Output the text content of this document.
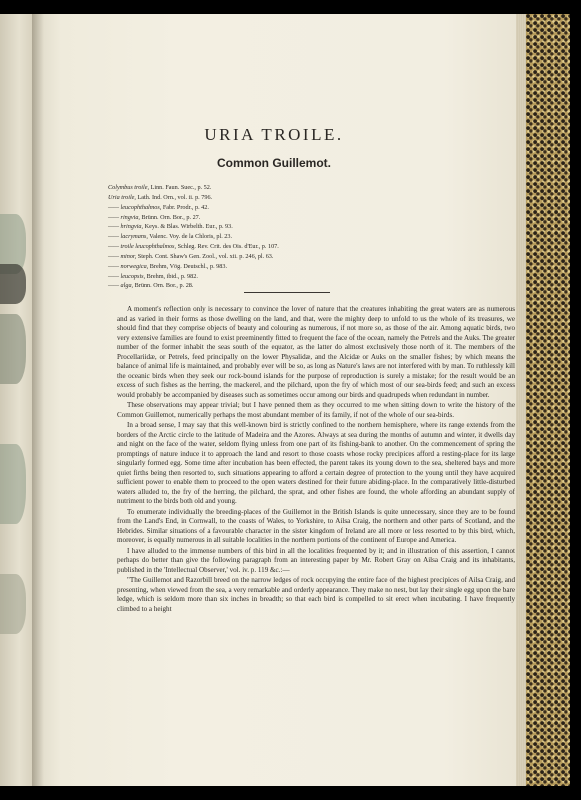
URIA TROILE.
Common Guillemot.
Colymbus troile, Linn. Faun. Suec., p. 52.
Uria troile, Lath. Ind. Orn., vol. ii. p. 796.
—— leucophthalmos, Fabr. Prodr., p. 42.
—— ringvia, Brünn. Orn. Bor., p. 27.
—— hringvia, Keys. & Blas. Wirbelth. Eur., p. 93.
—— lacrymans, Valenc. Voy. de la Chloris, pl. 23.
—— troile leucophthalmos, Schleg. Rev. Crit. des Ois. d'Eur., p. 107.
—— minor, Steph. Cont. Shaw's Gen. Zool., vol. xii. p. 246, pl. 63.
—— norwegica, Brehm, Vög. Deutschl., p. 983.
—— leucopsis, Brehm, ibid., p. 982.
—— alga, Brünn. Orn. Bor., p. 28.

A moment's reflection only is necessary to convince the lover of nature that the creatures inhabiting the great waters are as numerous and as varied in their forms as those dwelling on the land, and that, were the mighty deep to unfold to us the whole of its treasures, we should find that they comprise objects of beauty and colouring as numerous, if not more so, as those of the air. Among aquatic birds, two very extensive families are found to exist preeminently fitted to frequent the face of the ocean, namely the Petrels and the Auks. The greater number of the former inhabit the seas south of the equator, as the latter do almost exclusively those north of it. The members of the Procellariidæ, or Petrels, feed principally on the lower Physalidæ, and the Alcidæ or Auks on the smaller fishes; by which means the balance of animal life is maintained, and probably ever will be so, as long as Nature's laws are not interfered with by man. To ruthlessly kill the oceanic birds when they seek our rock-bound islands for the purpose of reproduction is surely a mistake; for the result would be an excess of such fishes as the herring, the mackerel, and the pilchard, upon the fry of which most of our sea-birds feed; and such an excess would probably be accompanied by diseases such as sometimes occur among our birds and quadrupeds when redundant in number.

These observations may appear trivial; but I have penned them as they occurred to me when sitting down to write the history of the Common Guillemot, numerically perhaps the most abundant member of its family, if not of the whole of our sea-birds.

In a broad sense, I may say that this well-known bird is strictly confined to the northern hemisphere, where its range extends from the borders of the Arctic circle to the latitude of Madeira and the Azores. Always at sea during the months of autumn and winter, it dwells day and night on the face of the water, seldom flying unless from one part of its fishing-bank to another. On the commencement of spring the promptings of nature induce it to approach the land and resort to those coasts whose rocky precipices afford a resting-place for its large singularly formed egg. Some time after incubation has been effected, the parent takes its young down to the sea, sheltered bays and more quiet firths being then resorted to, such situations appearing to afford a certain degree of protection to the young until they have acquired sufficient power to enable them to proceed to the open waters destined for their future abiding-place. In the comparatively little-disturbed waters alluded to, the fry of the herring, the pilchard, the sprat, and other fishes are found, the whole affording an abundant supply of nutriment to the birds both old and young.

To enumerate individually the breeding-places of the Guillemot in the British Islands is quite unnecessary, since they are to be found from the Land's End, in Cornwall, to the coasts of Wales, to Yorkshire, to Ailsa Craig, the northern and other parts of Scotland, and the Hebrides. Similar situations of a favourable character in the sister kingdom of Ireland are all more or less resorted to by this bird, which, moreover, is equally numerous in all suitable localities in the northern portions of the continent of Europe and America.

I have alluded to the immense numbers of this bird in all the localities frequented by it; and in illustration of this assertion, I cannot perhaps do better than give the following paragraph from an interesting paper by Mr. Robert Gray on Ailsa Craig and its inhabitants, published in the 'Intellectual Observer,' vol. iv. p. 119 &c.:—

"The Guillemot and Razorbill breed on the narrow ledges of rock occupying the entire face of the highest precipices of Ailsa Craig, and presenting, when viewed from the sea, a very remarkable and orderly appearance. They make no nest, but lay their single egg upon the bare ledge, which is seldom more than six inches in breadth; so that each bird is compelled to sit erect when incubating. I have frequently climbed to a height
